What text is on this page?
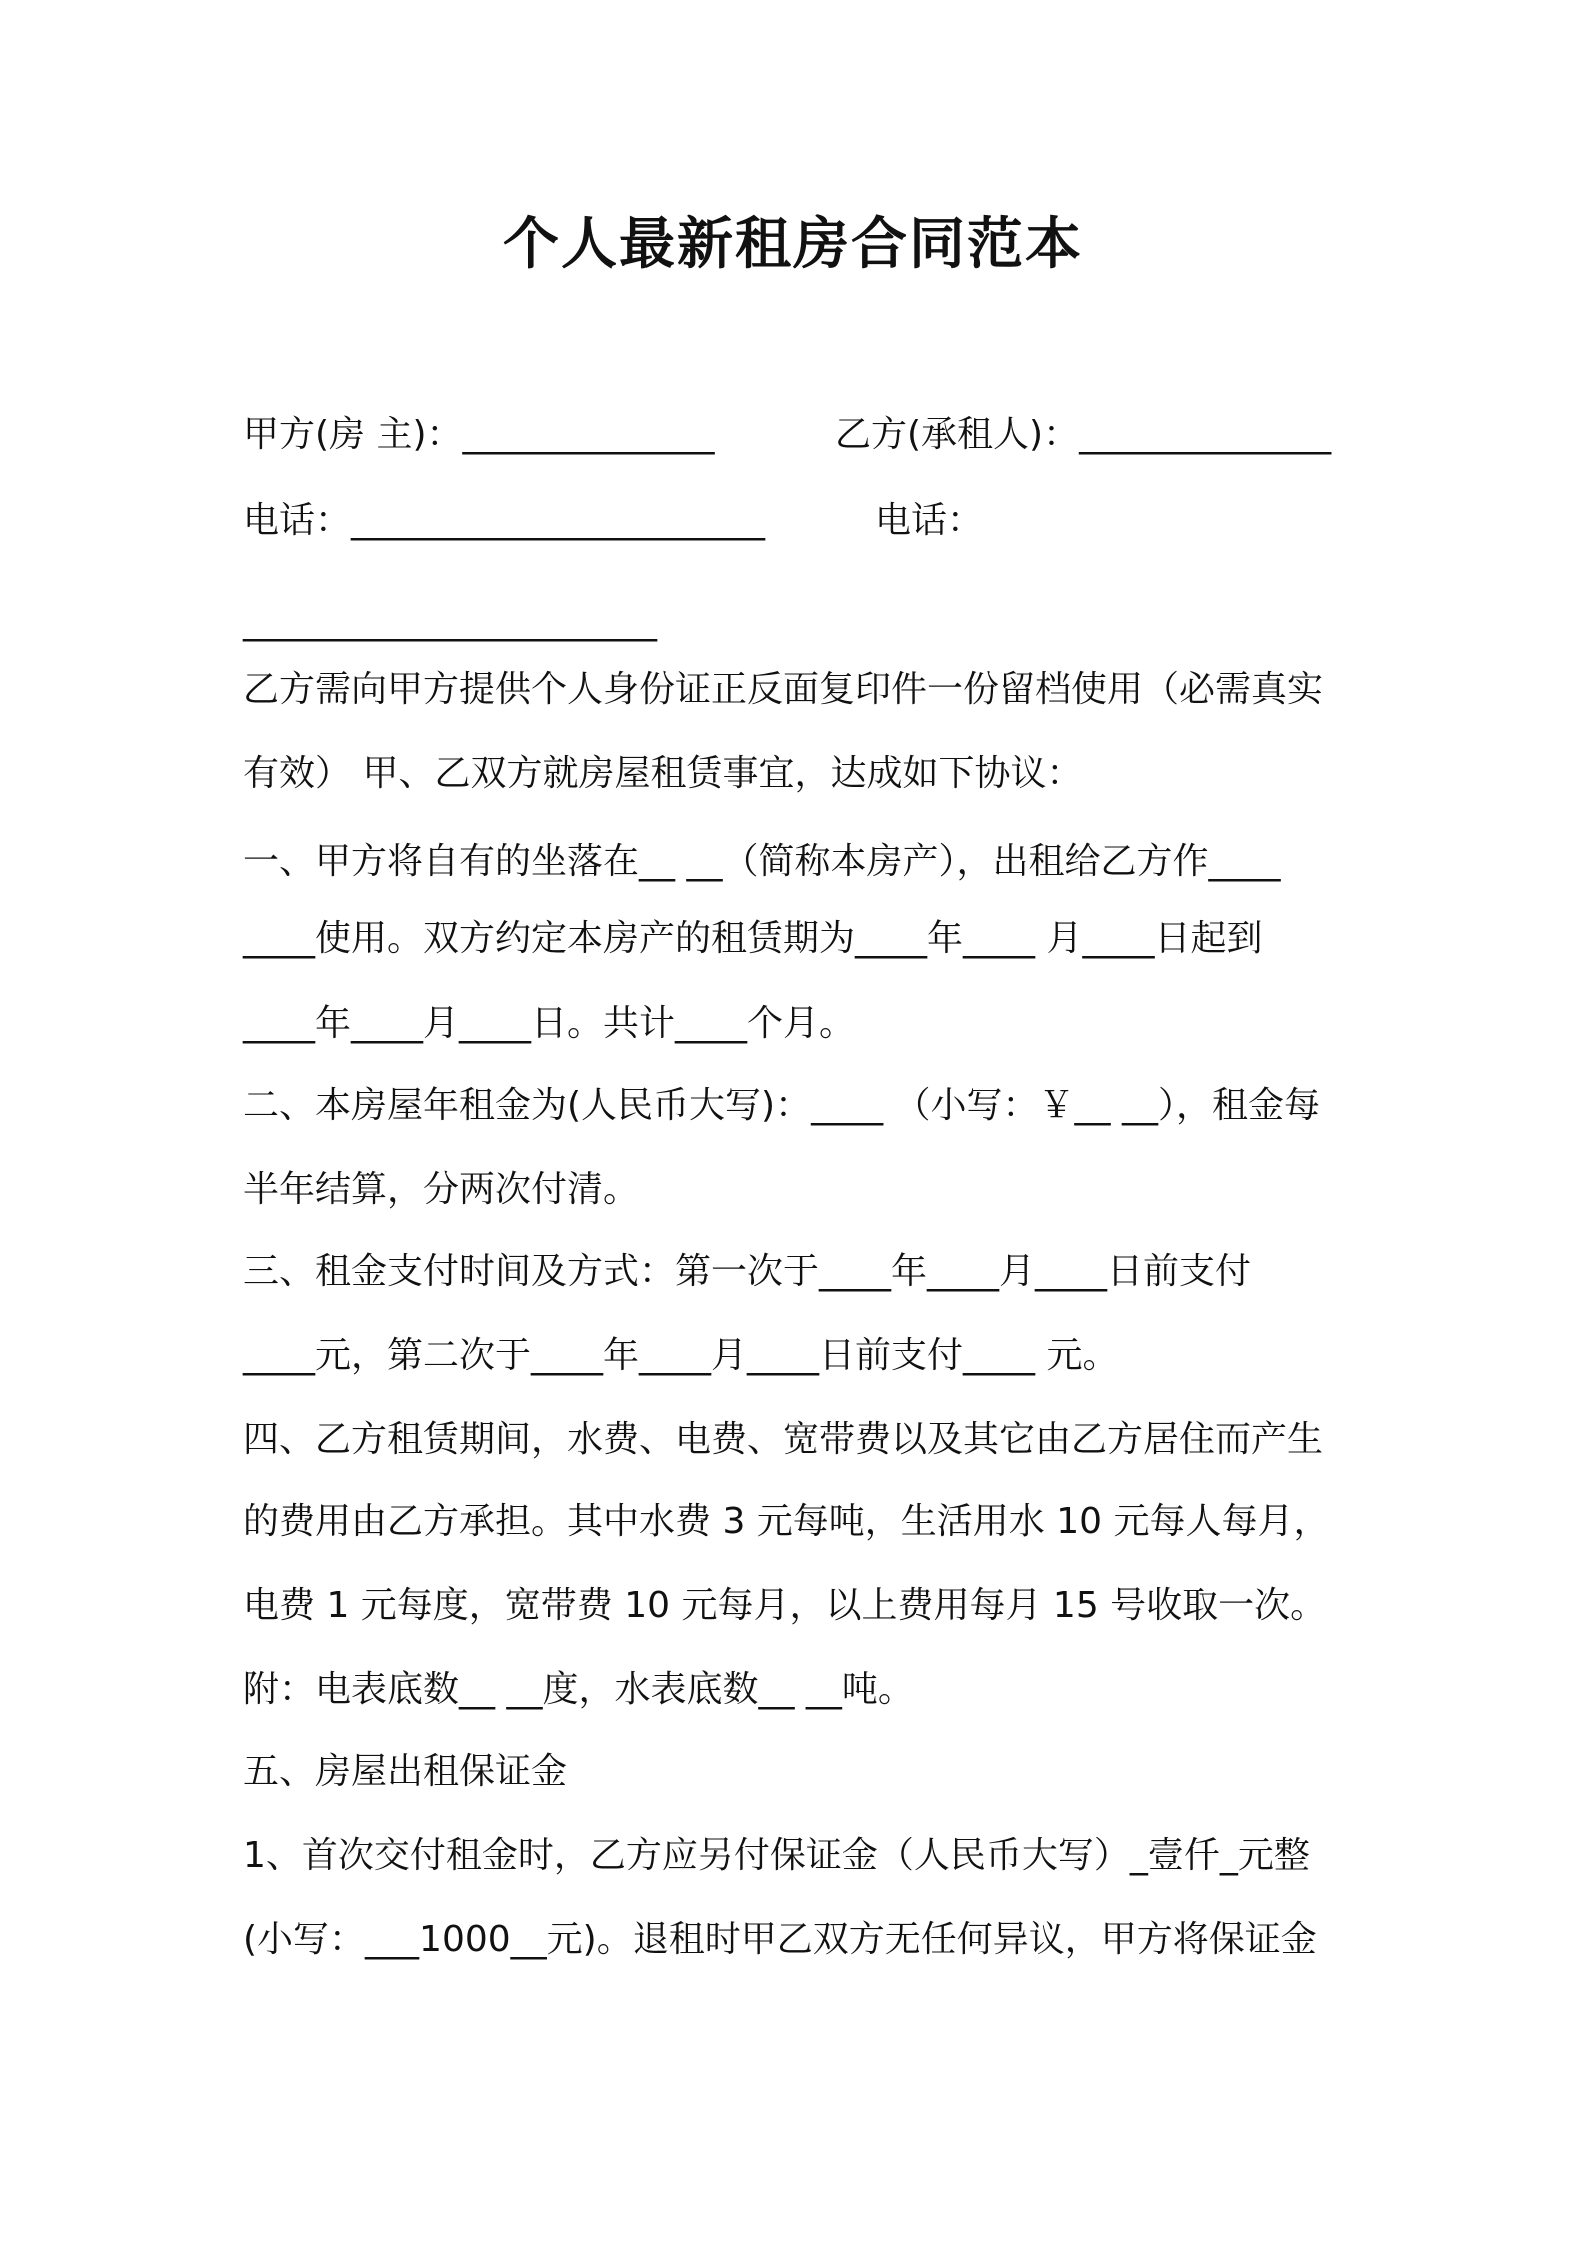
个人最新租房合同范本
甲方(房 主)：______________	乙方(承租人)：______________
电话：_______________________	电话：
_______________________
乙方需向甲方提供个人身份证正反面复印件一份留档使用（必需真实
有效） 甲、乙双方就房屋租赁事宜，达成如下协议：
一、甲方将自有的坐落在__ __（简称本房产），出租给乙方作____
____使用。双方约定本房产的租赁期为____年____ 月____日起到
____年____月____日。共计____个月。
二、本房屋年租金为(人民币大写)：____ （小写：￥__ __），租金每
半年结算，分两次付清。
三、租金支付时间及方式：第一次于____年____月____日前支付
____元，第二次于____年____月____日前支付____ 元。
四、乙方租赁期间，水费、电费、宽带费以及其它由乙方居住而产生
的费用由乙方承担。其中水费 3 元每吨，生活用水 10 元每人每月，
电费 1 元每度，宽带费 10 元每月，以上费用每月 15 号收取一次。
附：电表底数__ __度，水表底数__ __吨。
五、房屋出租保证金
1、首次交付租金时，乙方应另付保证金（人民币大写）_壹仟_元整
(小写：___1000__元)。退租时甲乙双方无任何异议，甲方将保证金
